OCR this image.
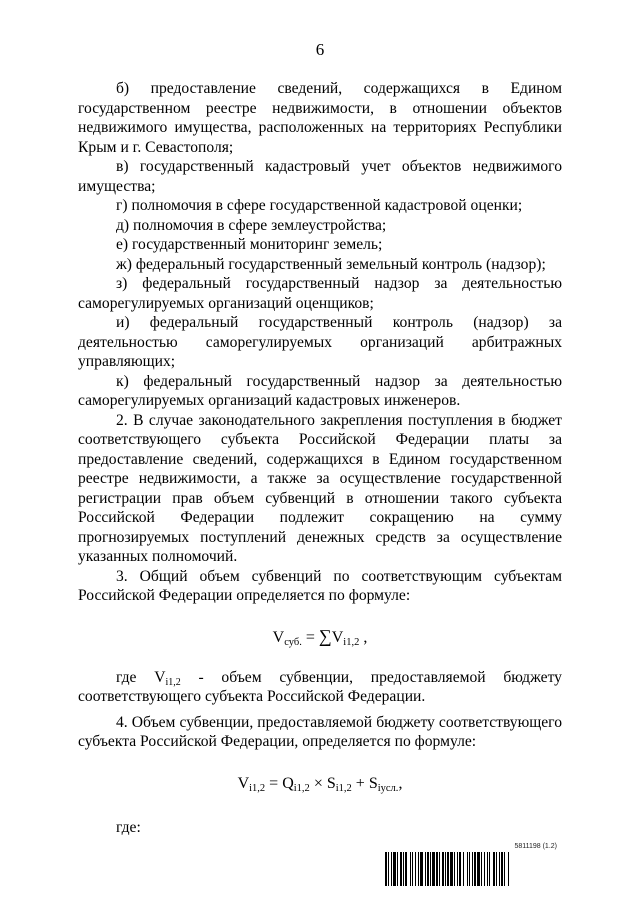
6

б) предоставление сведений, содержащихся в Едином государственном реестре недвижимости, в отношении объектов недвижимого имущества, расположенных на территориях Республики Крым и г. Севастополя;

в) государственный кадастровый учет объектов недвижимого имущества;

г) полномочия в сфере государственной кадастровой оценки;

д) полномочия в сфере землеустройства;

е) государственный мониторинг земель;

ж) федеральный государственный земельный контроль (надзор);

з) федеральный государственный надзор за деятельностью саморегулируемых организаций оценщиков;

и) федеральный государственный контроль (надзор) за деятельностью саморегулируемых организаций арбитражных управляющих;

к) федеральный государственный надзор за деятельностью саморегулируемых организаций кадастровых инженеров.

2. В случае законодательного закрепления поступления в бюджет соответствующего субъекта Российской Федерации платы за предоставление сведений, содержащихся в Едином государственном реестре недвижимости, а также за осуществление государственной регистрации прав объем субвенций в отношении такого субъекта Российской Федерации подлежит сокращению на сумму прогнозируемых поступлений денежных средств за осуществление указанных полномочий.

3. Общий объем субвенций по соответствующим субъектам Российской Федерации определяется по формуле:

$V_{суб.} = \sum V_{i1,2}$ ,

где $V_{i1,2}$ - объем субвенции, предоставляемой бюджету соответствующего субъекта Российской Федерации.

4. Объем субвенции, предоставляемой бюджету соответствующего субъекта Российской Федерации, определяется по формуле:

$V_{i1,2} = Q_{i1,2} \times S_{i1,2} + S_{iусл.}$,

где:

5811198 (1.2)
